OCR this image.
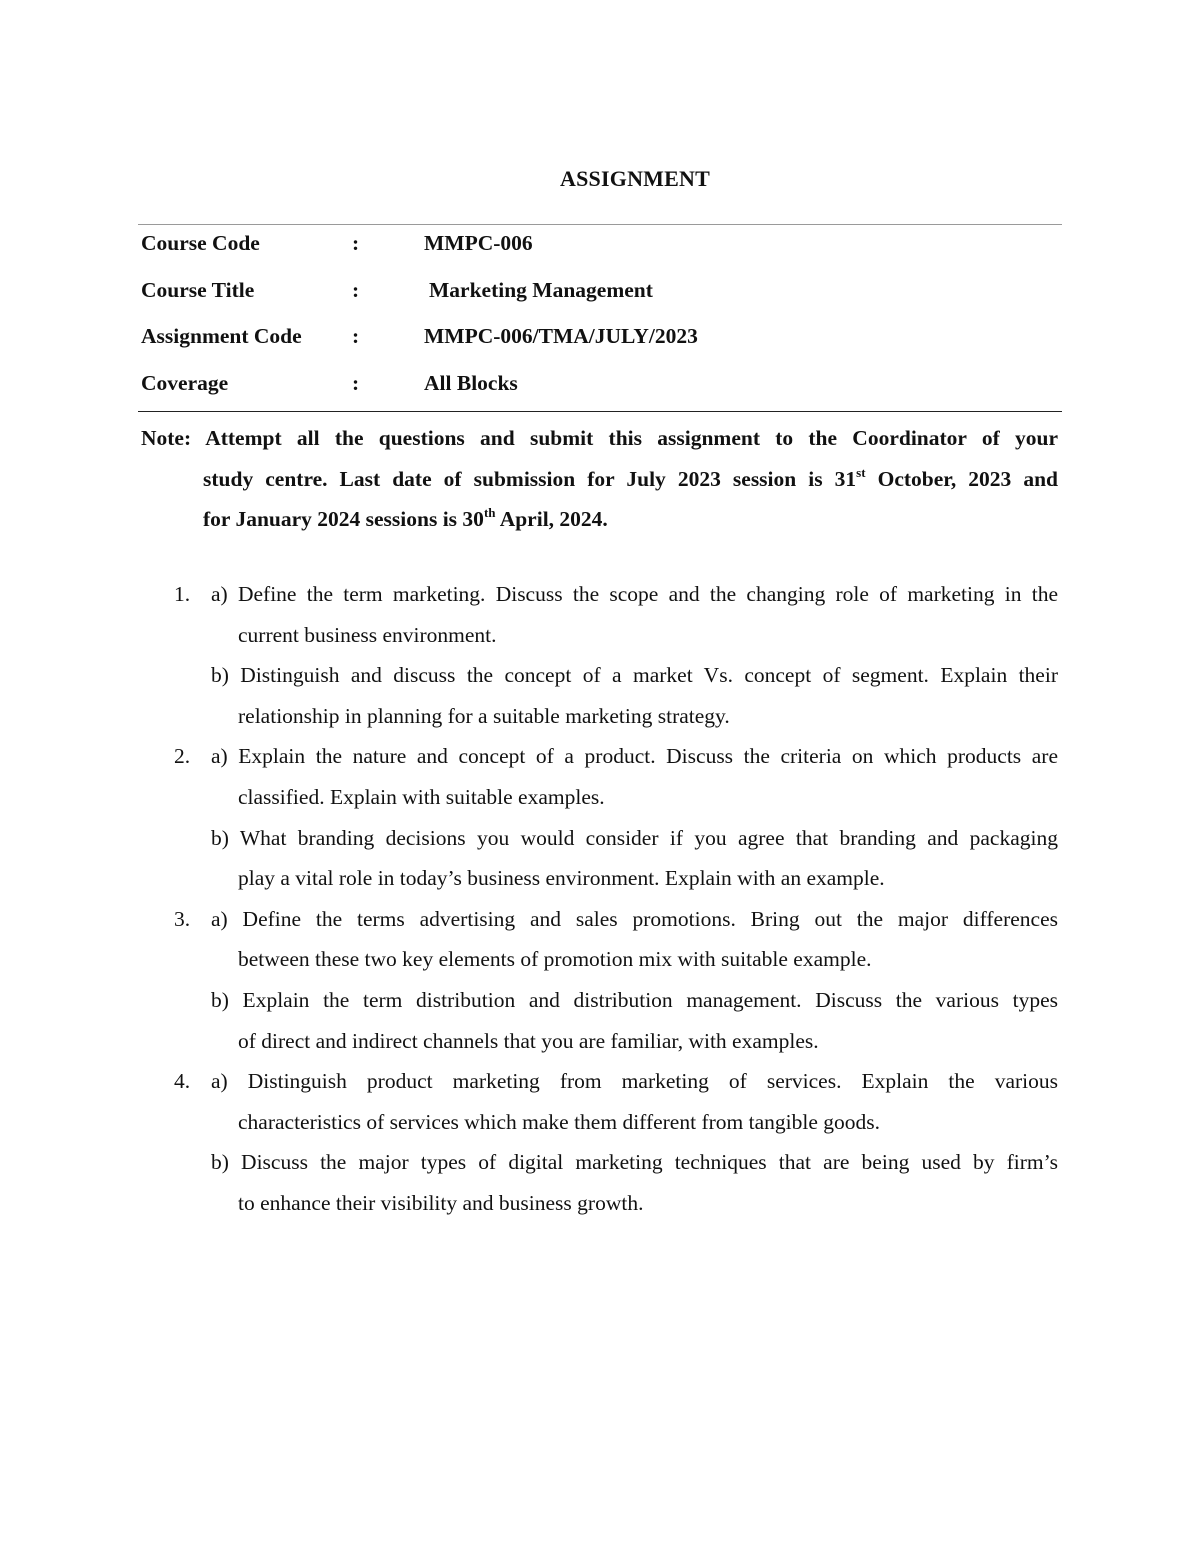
ASSIGNMENT
Course Code	:	MMPC-006
Course Title	:	Marketing Management
Assignment Code :	MMPC-006/TMA/JULY/2023
Coverage	:	All Blocks
Note: Attempt all the questions and submit this assignment to the Coordinator of your
study centre. Last date of submission for July 2023 session is 31st October, 2023 and
for January 2024 sessions is 30th April, 2024.
1. a) Define the term marketing. Discuss the scope and the changing role of marketing in the
current business environment.
b) Distinguish and discuss the concept of a market Vs. concept of segment. Explain their
relationship in planning for a suitable marketing strategy.
2. a) Explain the nature and concept of a product. Discuss the criteria on which products are
classified. Explain with suitable examples.
b) What branding decisions you would consider if you agree that branding and packaging
play a vital role in today’s business environment. Explain with an example.
3. a) Define the terms advertising and sales promotions. Bring out the major differences
between these two key elements of promotion mix with suitable example.
b) Explain the term distribution and distribution management. Discuss the various types
of direct and indirect channels that you are familiar, with examples.
4. a) Distinguish product marketing from marketing of services. Explain the various
characteristics of services which make them different from tangible goods.
b) Discuss the major types of digital marketing techniques that are being used by firm’s
to enhance their visibility and business growth.
